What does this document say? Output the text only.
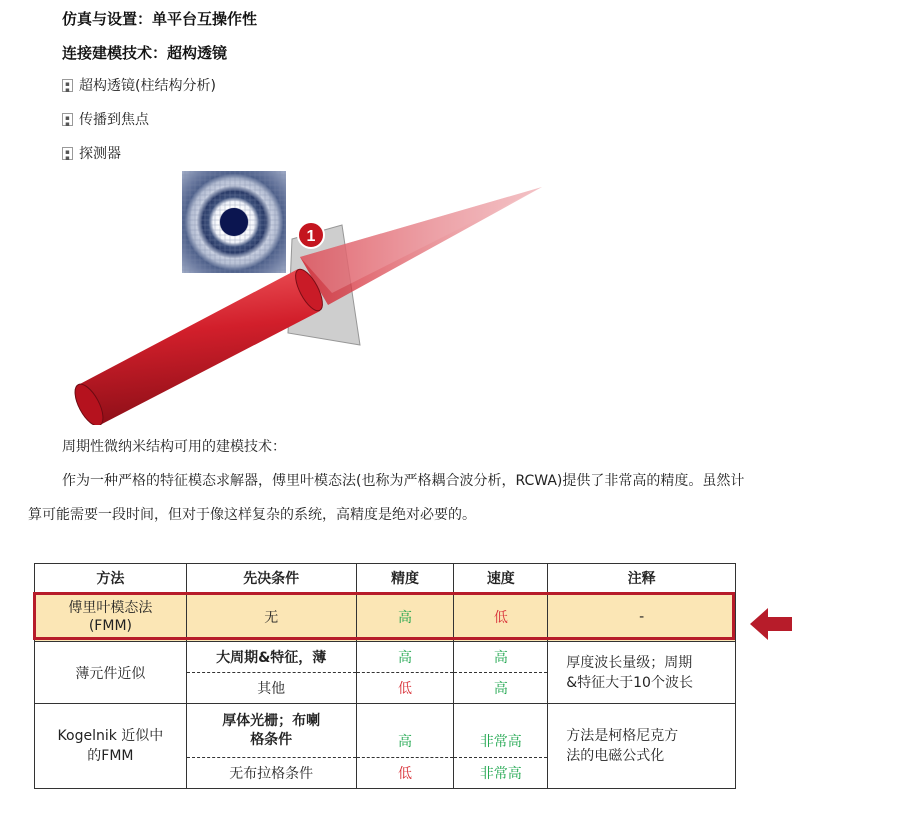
仿真与设置：单平台互操作性
连接建模技术：超构透镜
▪
▪ 超构透镜(柱结构分析)
▪
▪ 传播到焦点
▪
▪ 探测器
1
周期性微纳米结构可用的建模技术：
作为一种严格的特征模态求解器，傅里叶模态法(也称为严格耦合波分析，RCWA)提供了非常高的精度。虽然计
算可能需要一段时间，但对于像这样复杂的系统，高精度是绝对必要的。
方法	先决条件	精度	速度	注释
傅里叶模态法
(FMM)	无	高	低	-
薄元件近似	大周期&特征，薄	高	高	厚度波长量级；周期
&特征大于10个波长
	其他	低	高	
Kogelnik 近似中
的FMM	厚体光栅；布喇
格条件	高	非常高	方法是柯格尼克方
法的电磁公式化
	无布拉格条件	低	非常高	
